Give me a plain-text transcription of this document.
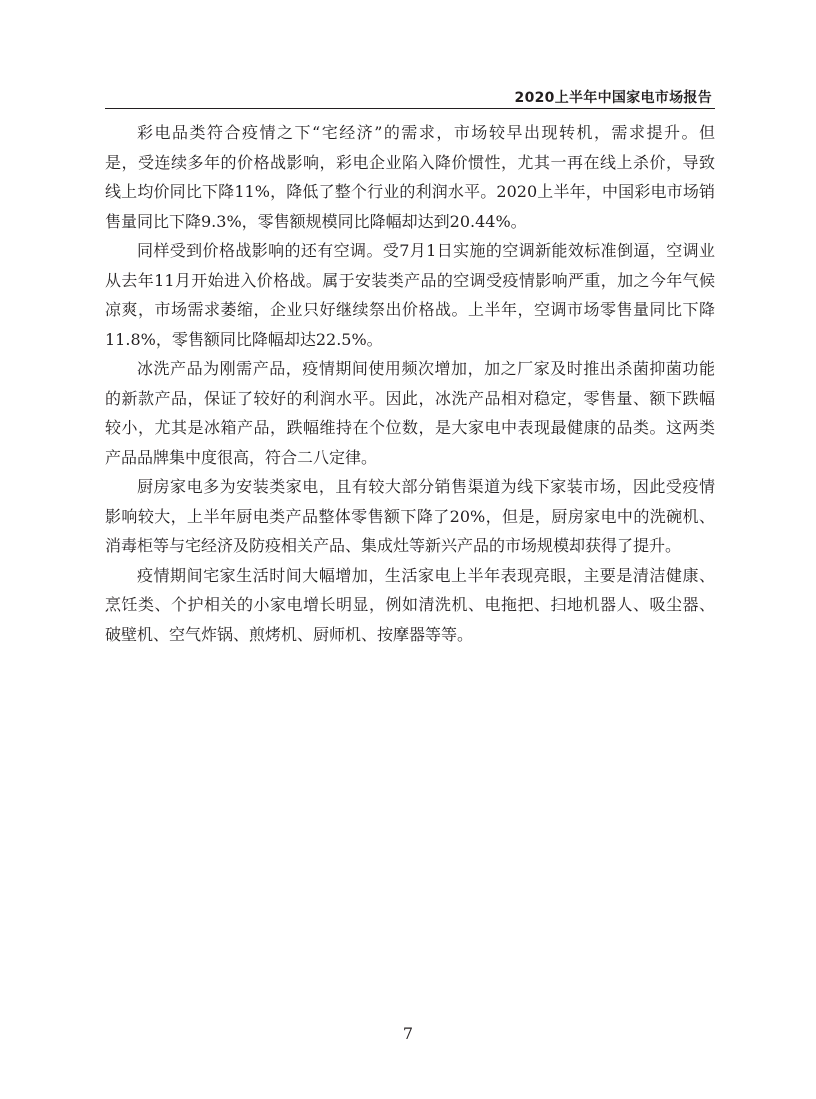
2020上半年中国家电市场报告

彩电品类符合疫情之下“宅经济”的需求，市场较早出现转机，需求提升。但
是，受连续多年的价格战影响，彩电企业陷入降价惯性，尤其一再在线上杀价，导致
线上均价同比下降11%，降低了整个行业的利润水平。2020上半年，中国彩电市场销
售量同比下降9.3%，零售额规模同比降幅却达到20.44%。

同样受到价格战影响的还有空调。受7月1日实施的空调新能效标准倒逼，空调业
从去年11月开始进入价格战。属于安装类产品的空调受疫情影响严重，加之今年气候
凉爽，市场需求萎缩，企业只好继续祭出价格战。上半年，空调市场零售量同比下降
11.8%，零售额同比降幅却达22.5%。

冰洗产品为刚需产品，疫情期间使用频次增加，加之厂家及时推出杀菌抑菌功能
的新款产品，保证了较好的利润水平。因此，冰洗产品相对稳定，零售量、额下跌幅
较小，尤其是冰箱产品，跌幅维持在个位数，是大家电中表现最健康的品类。这两类
产品品牌集中度很高，符合二八定律。

厨房家电多为安装类家电，且有较大部分销售渠道为线下家装市场，因此受疫情
影响较大，上半年厨电类产品整体零售额下降了20%，但是，厨房家电中的洗碗机、
消毒柜等与宅经济及防疫相关产品、集成灶等新兴产品的市场规模却获得了提升。

疫情期间宅家生活时间大幅增加，生活家电上半年表现亮眼，主要是清洁健康、
烹饪类、个护相关的小家电增长明显，例如清洗机、电拖把、扫地机器人、吸尘器、
破壁机、空气炸锅、煎烤机、厨师机、按摩器等等。

7
